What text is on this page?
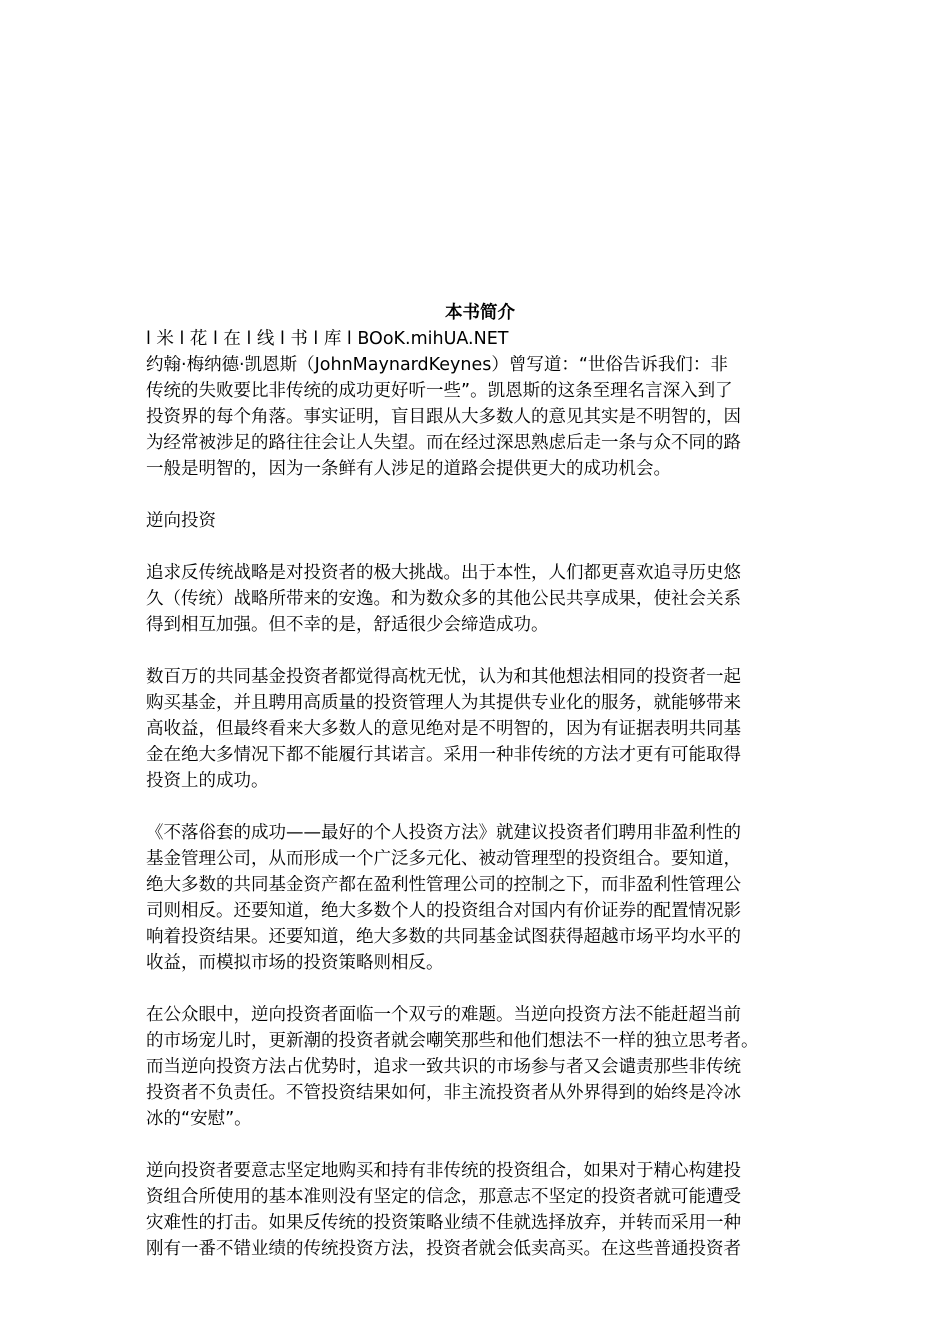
本书简介

l 米 l 花 l 在 l 线 l 书 l 库 l BOoK.mihUA.NET

约翰·梅纳德·凯恩斯（JohnMaynardKeynes）曾写道：“世俗告诉我们：非

传统的失败要比非传统的成功更好听一些”。凯恩斯的这条至理名言深入到了

投资界的每个角落。事实证明，盲目跟从大多数人的意见其实是不明智的，因

为经常被涉足的路往往会让人失望。而在经过深思熟虑后走一条与众不同的路

一般是明智的，因为一条鲜有人涉足的道路会提供更大的成功机会。

逆向投资

追求反传统战略是对投资者的极大挑战。出于本性，人们都更喜欢追寻历史悠

久（传统）战略所带来的安逸。和为数众多的其他公民共享成果，使社会关系

得到相互加强。但不幸的是，舒适很少会缔造成功。

数百万的共同基金投资者都觉得高枕无忧，认为和其他想法相同的投资者一起

购买基金，并且聘用高质量的投资管理人为其提供专业化的服务，就能够带来

高收益，但最终看来大多数人的意见绝对是不明智的，因为有证据表明共同基

金在绝大多情况下都不能履行其诺言。采用一种非传统的方法才更有可能取得

投资上的成功。

《不落俗套的成功——最好的个人投资方法》就建议投资者们聘用非盈利性的

基金管理公司，从而形成一个广泛多元化、被动管理型的投资组合。要知道，

绝大多数的共同基金资产都在盈利性管理公司的控制之下，而非盈利性管理公

司则相反。还要知道，绝大多数个人的投资组合对国内有价证券的配置情况影

响着投资结果。还要知道，绝大多数的共同基金试图获得超越市场平均水平的

收益，而模拟市场的投资策略则相反。

在公众眼中，逆向投资者面临一个双亏的难题。当逆向投资方法不能赶超当前

的市场宠儿时，更新潮的投资者就会嘲笑那些和他们想法不一样的独立思考者。

而当逆向投资方法占优势时，追求一致共识的市场参与者又会谴责那些非传统

投资者不负责任。不管投资结果如何，非主流投资者从外界得到的始终是冷冰

冰的“安慰”。

逆向投资者要意志坚定地购买和持有非传统的投资组合，如果对于精心构建投

资组合所使用的基本准则没有坚定的信念，那意志不坚定的投资者就可能遭受

灾难性的打击。如果反传统的投资策略业绩不佳就选择放弃，并转而采用一种

刚有一番不错业绩的传统投资方法，投资者就会低卖高买。在这些普通投资者
